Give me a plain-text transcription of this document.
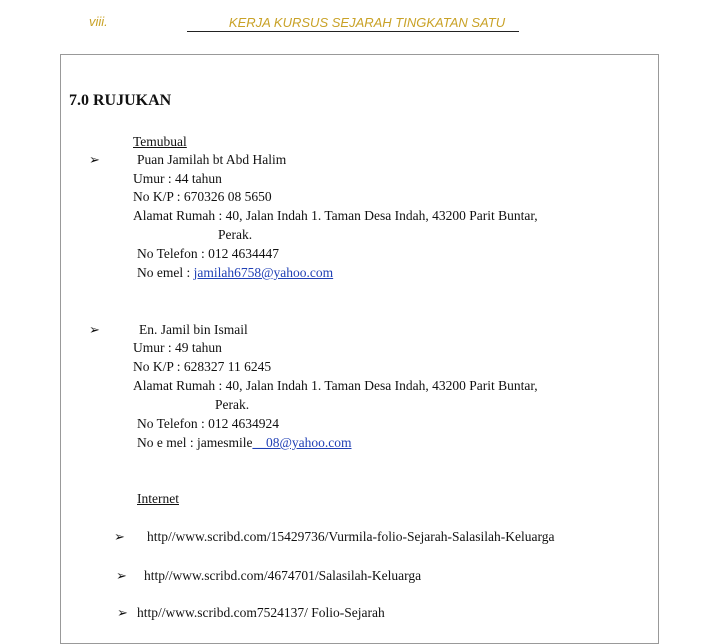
viii.	KERJA KURSUS SEJARAH TINGKATAN SATU
7.0 RUJUKAN
Temubual
➢	Puan Jamilah bt Abd Halim
Umur : 44 tahun
No K/P : 670326 08 5650
Alamat Rumah : 40, Jalan Indah 1. Taman Desa Indah, 43200 Parit Buntar,
Perak.
No Telefon : 012 4634447
No emel : jamilah6758@yahoo.com
➢	En. Jamil bin Ismail
Umur : 49 tahun
No K/P : 628327 11 6245
Alamat Rumah : 40, Jalan Indah 1. Taman Desa Indah, 43200 Parit Buntar,
Perak.
No Telefon : 012 4634924
No e mel : jamesmile__08@yahoo.com
Internet
➢ http//www.scribd.com/15429736/Vurmila-folio-Sejarah-Salasilah-Keluarga
➢ http//www.scribd.com/4674701/Salasilah-Keluarga
➢ http//www.scribd.com7524137/ Folio-Sejarah
